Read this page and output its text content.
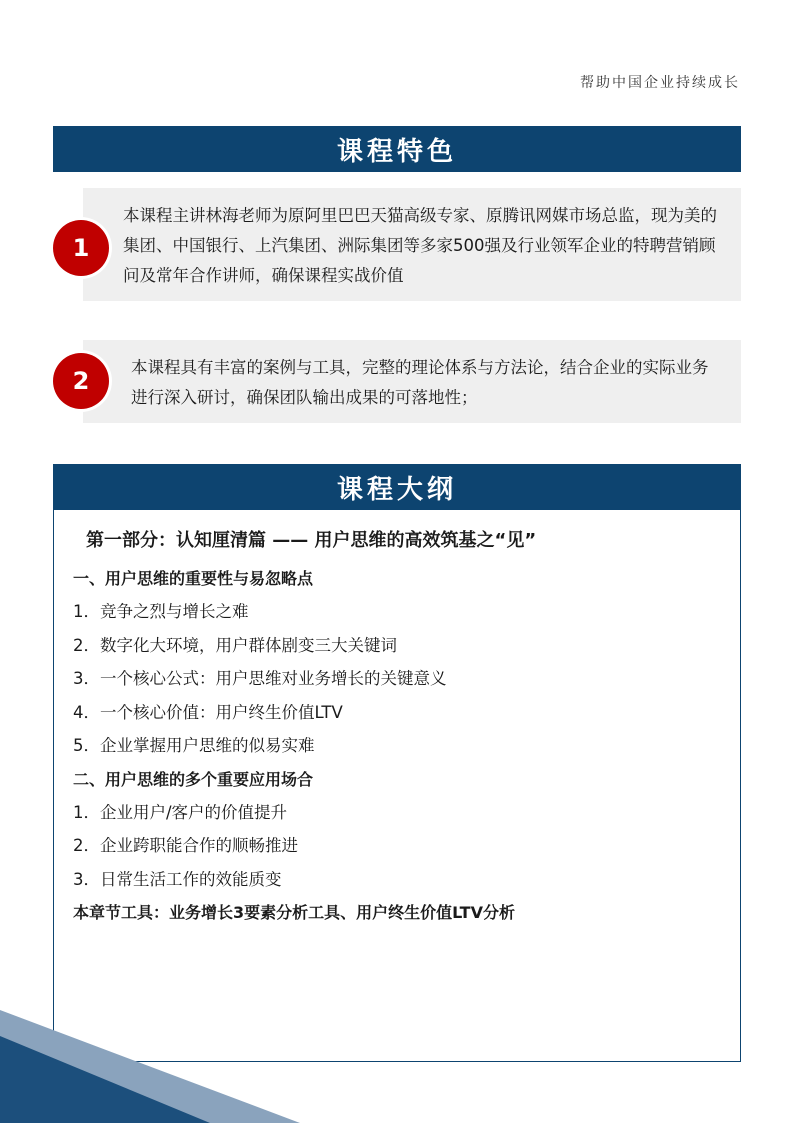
帮助中国企业持续成长
课程特色
本课程主讲林海老师为原阿里巴巴天猫高级专家、原腾讯网媒市场总监，现为美的集团、中国银行、上汽集团、洲际集团等多家500强及行业领军企业的特聘营销顾问及常年合作讲师，确保课程实战价值
1
本课程具有丰富的案例与工具，完整的理论体系与方法论，结合企业的实际业务进行深入研讨，确保团队输出成果的可落地性；
2
课程大纲
第一部分：认知厘清篇 —— 用户思维的高效筑基之“见”
一、用户思维的重要性与易忽略点
1．竞争之烈与增长之难
2．数字化大环境，用户群体剧变三大关键词
3．一个核心公式：用户思维对业务增长的关键意义
4．一个核心价值：用户终生价值LTV
5．企业掌握用户思维的似易实难
二、用户思维的多个重要应用场合
1．企业用户/客户的价值提升
2．企业跨职能合作的顺畅推进
3．日常生活工作的效能质变
本章节工具：业务增长3要素分析工具、用户终生价值LTV分析
